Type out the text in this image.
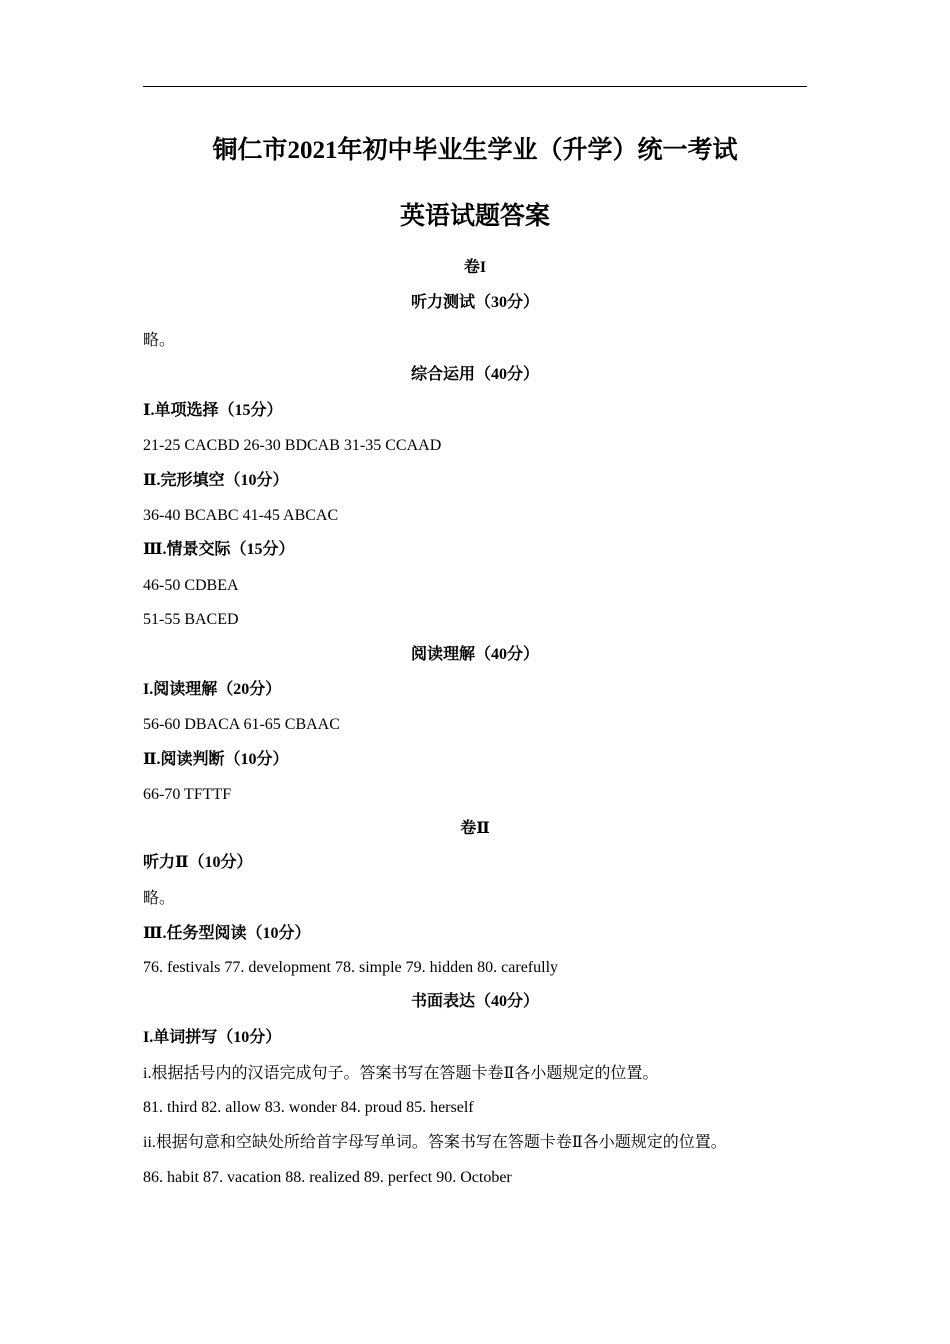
铜仁市2021年初中毕业生学业（升学）统一考试
英语试题答案
卷I
听力测试（30分）
略。
综合运用（40分）
Ⅰ.单项选择（15分）
21-25 CACBD 26-30 BDCAB 31-35 CCAAD
Ⅱ.完形填空（10分）
36-40 BCABC 41-45 ABCAC
Ⅲ.情景交际（15分）
46-50 CDBEA
51-55 BACED
阅读理解（40分）
I.阅读理解（20分）
56-60 DBACA 61-65 CBAAC
Ⅱ.阅读判断（10分）
66-70 TFTTF
卷Ⅱ
听力Ⅱ（10分）
略。
Ⅲ.任务型阅读（10分）
76. festivals 77. development 78. simple 79. hidden 80. carefully
书面表达（40分）
I.单词拼写（10分）
i.根据括号内的汉语完成句子。答案书写在答题卡卷Ⅱ各小题规定的位置。
81. third 82. allow 83. wonder 84. proud 85. herself
ii.根据句意和空缺处所给首字母写单词。答案书写在答题卡卷Ⅱ各小题规定的位置。
86. habit 87. vacation 88. realized 89. perfect 90. October
